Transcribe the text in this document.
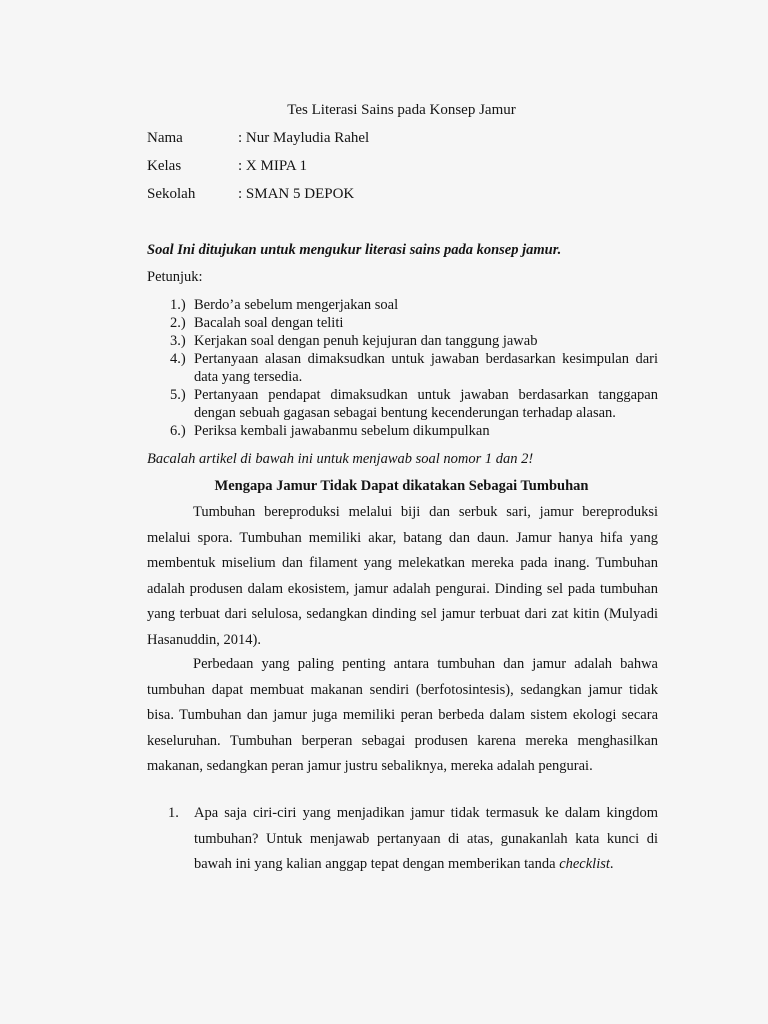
Tes Literasi Sains pada Konsep Jamur
Nama	: Nur Mayludia Rahel
Kelas	: X MIPA 1
Sekolah	: SMAN 5 DEPOK
Soal Ini ditujukan untuk mengukur literasi sains pada konsep jamur.
Petunjuk:
1.) Berdo’a sebelum mengerjakan soal
2.) Bacalah soal dengan teliti
3.) Kerjakan soal dengan penuh kejujuran dan tanggung jawab
4.) Pertanyaan alasan dimaksudkan untuk jawaban berdasarkan kesimpulan dari data yang tersedia.
5.) Pertanyaan pendapat dimaksudkan untuk jawaban berdasarkan tanggapan dengan sebuah gagasan sebagai bentung kecenderungan terhadap alasan.
6.) Periksa kembali jawabanmu sebelum dikumpulkan
Bacalah artikel di bawah ini untuk menjawab soal nomor 1 dan 2!
Mengapa Jamur Tidak Dapat dikatakan Sebagai Tumbuhan

Tumbuhan bereproduksi melalui biji dan serbuk sari, jamur bereproduksi melalui spora. Tumbuhan memiliki akar, batang dan daun. Jamur hanya hifa yang membentuk miselium dan filament yang melekatkan mereka pada inang. Tumbuhan adalah produsen dalam ekosistem, jamur adalah pengurai. Dinding sel pada tumbuhan yang terbuat dari selulosa, sedangkan dinding sel jamur terbuat dari zat kitin (Mulyadi Hasanuddin, 2014).

Perbedaan yang paling penting antara tumbuhan dan jamur adalah bahwa tumbuhan dapat membuat makanan sendiri (berfotosintesis), sedangkan jamur tidak bisa. Tumbuhan dan jamur juga memiliki peran berbeda dalam sistem ekologi secara keseluruhan. Tumbuhan berperan sebagai produsen karena mereka menghasilkan makanan, sedangkan peran jamur justru sebaliknya, mereka adalah pengurai.

1. Apa saja ciri-ciri yang menjadikan jamur tidak termasuk ke dalam kingdom tumbuhan? Untuk menjawab pertanyaan di atas, gunakanlah kata kunci di bawah ini yang kalian anggap tepat dengan memberikan tanda checklist.
